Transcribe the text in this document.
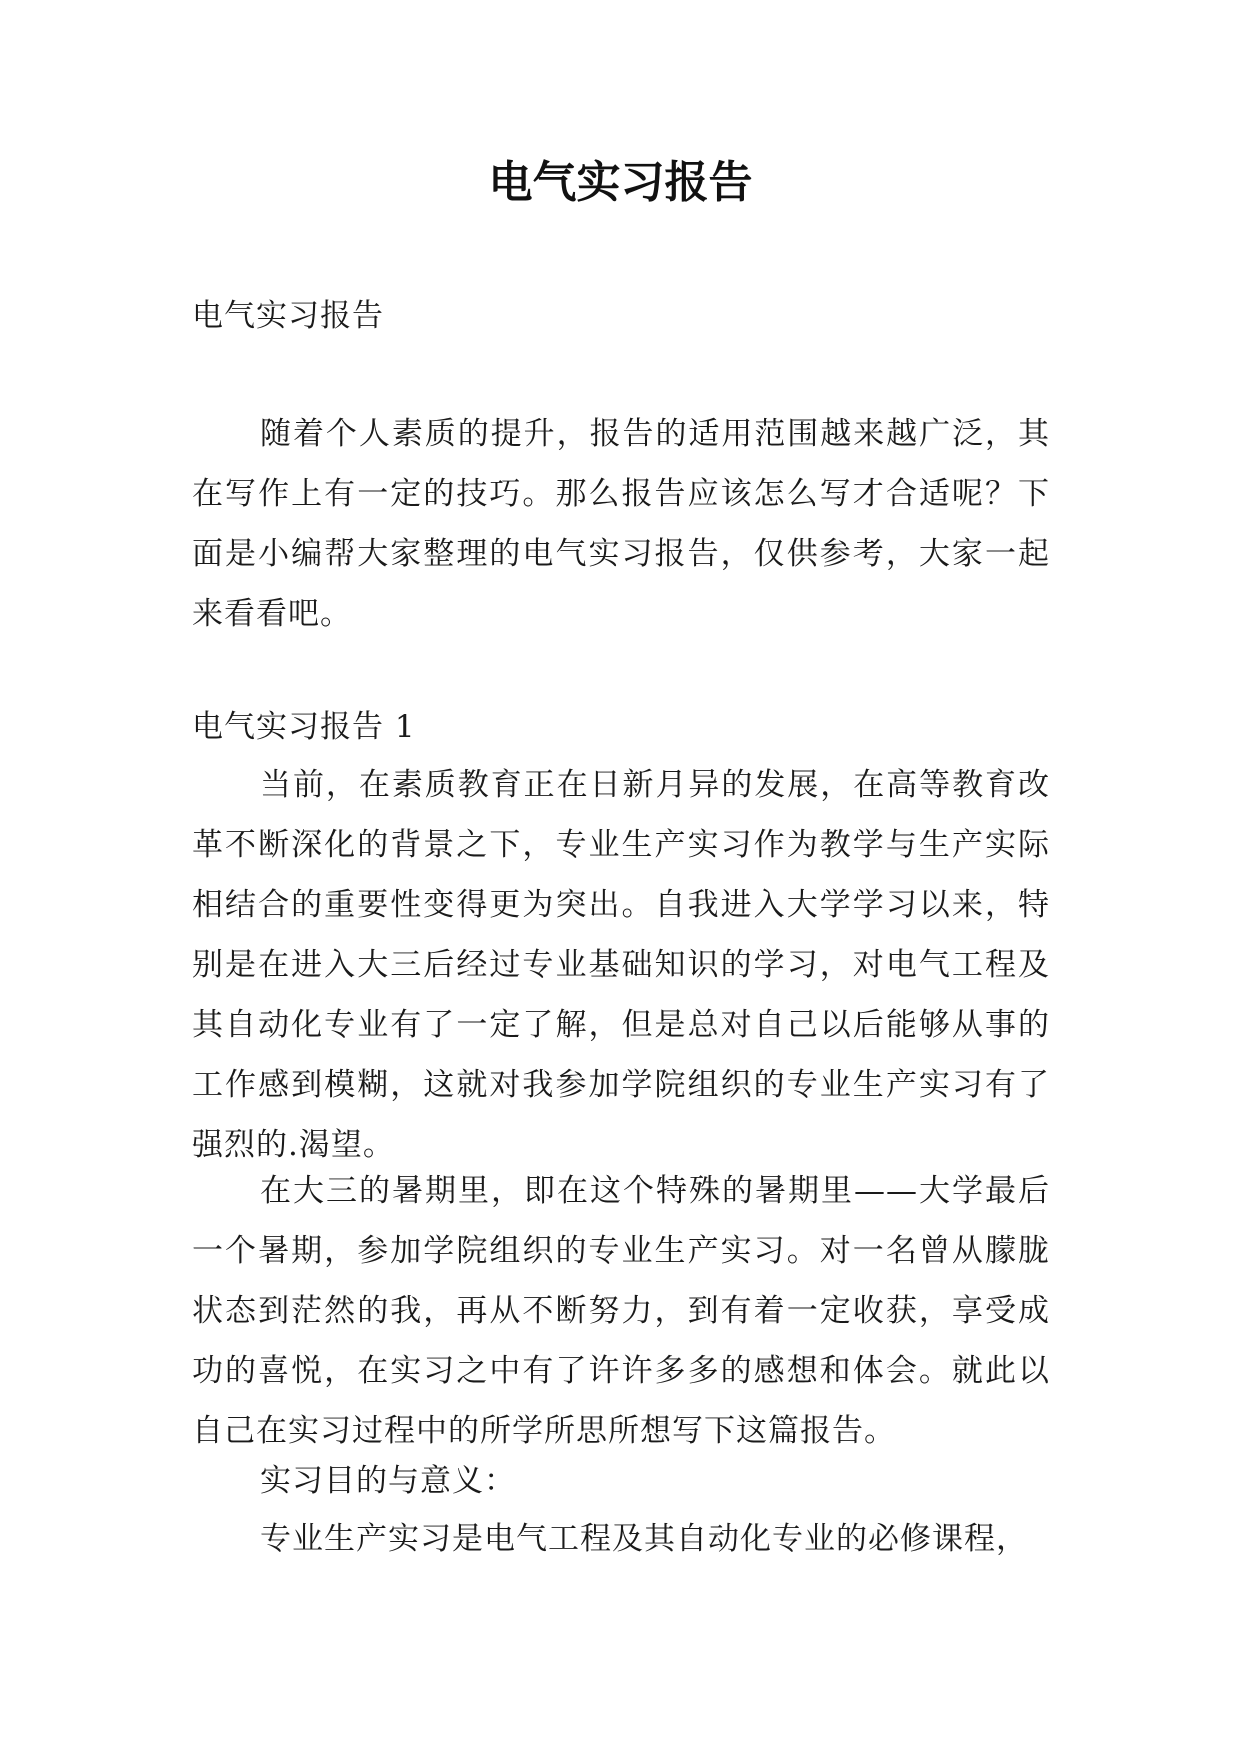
电气实习报告

电气实习报告

随着个人素质的提升，报告的适用范围越来越广泛，其在写作上有一定的技巧。那么报告应该怎么写才合适呢？下面是小编帮大家整理的电气实习报告，仅供参考，大家一起来看看吧。

电气实习报告 1

当前，在素质教育正在日新月异的发展，在高等教育改革不断深化的背景之下，专业生产实习作为教学与生产实际相结合的重要性变得更为突出。自我进入大学学习以来，特别是在进入大三后经过专业基础知识的学习，对电气工程及其自动化专业有了一定了解，但是总对自己以后能够从事的工作感到模糊，这就对我参加学院组织的专业生产实习有了强烈的.渴望。

在大三的暑期里，即在这个特殊的暑期里——大学最后一个暑期，参加学院组织的专业生产实习。对一名曾从朦胧状态到茫然的我，再从不断努力，到有着一定收获，享受成功的喜悦，在实习之中有了许许多多的感想和体会。就此以自己在实习过程中的所学所思所想写下这篇报告。

实习目的与意义：

专业生产实习是电气工程及其自动化专业的必修课程，
